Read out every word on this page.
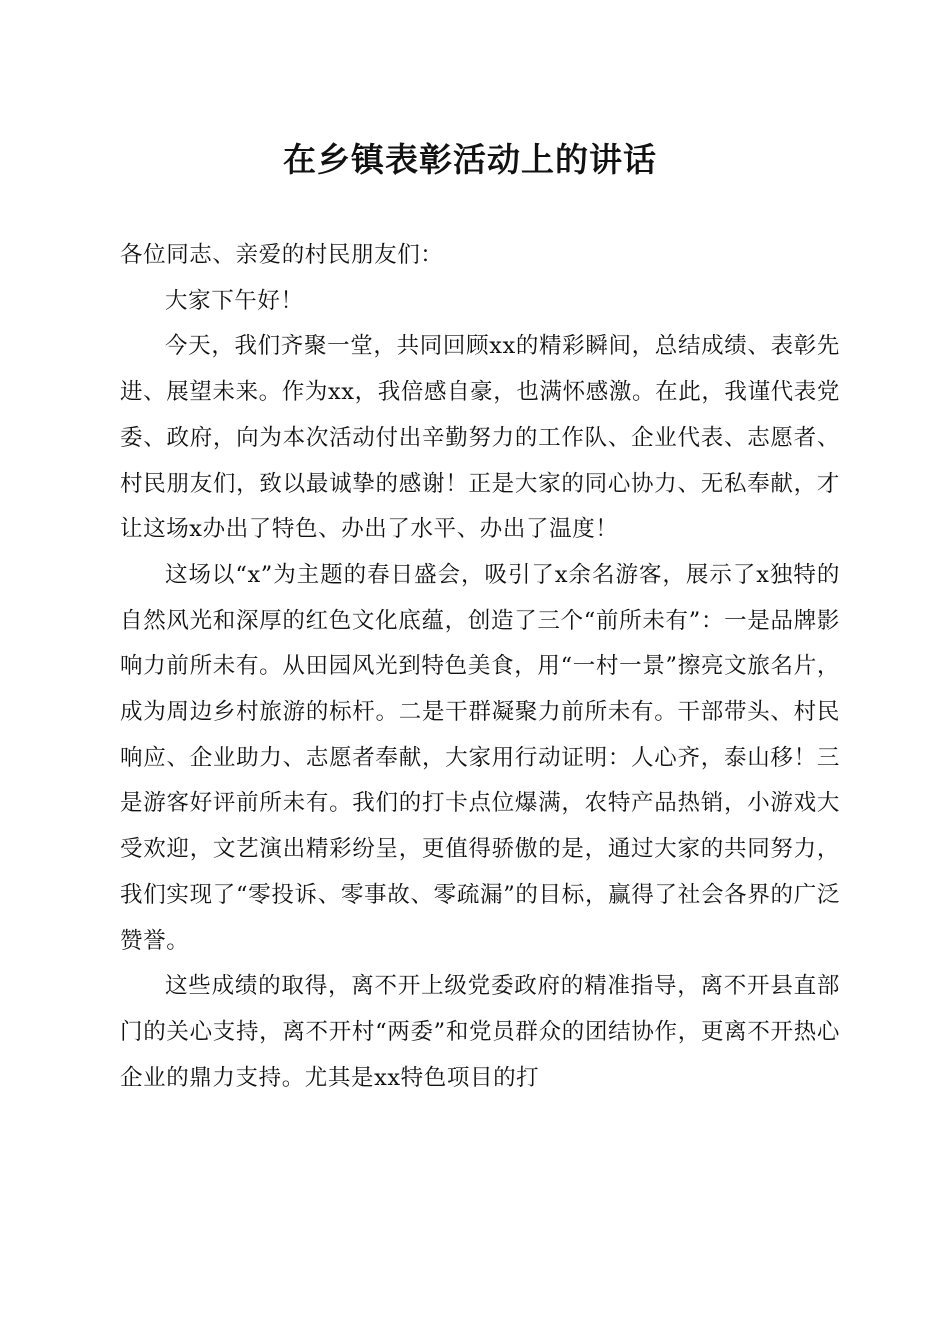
在乡镇表彰活动上的讲话

各位同志、亲爱的村民朋友们：

大家下午好！

今天，我们齐聚一堂，共同回顾xx的精彩瞬间，总结成绩、表彰先进、展望未来。作为xx，我倍感自豪，也满怀感激。在此，我谨代表党委、政府，向为本次活动付出辛勤努力的工作队、企业代表、志愿者、村民朋友们，致以最诚挚的感谢！正是大家的同心协力、无私奉献，才让这场x办出了特色、办出了水平、办出了温度！

这场以“x”为主题的春日盛会，吸引了x余名游客，展示了x独特的自然风光和深厚的红色文化底蕴，创造了三个“前所未有”：一是品牌影响力前所未有。从田园风光到特色美食，用“一村一景”擦亮文旅名片，成为周边乡村旅游的标杆。二是干群凝聚力前所未有。干部带头、村民响应、企业助力、志愿者奉献，大家用行动证明：人心齐，泰山移！三是游客好评前所未有。我们的打卡点位爆满，农特产品热销，小游戏大受欢迎，文艺演出精彩纷呈，更值得骄傲的是，通过大家的共同努力，我们实现了“零投诉、零事故、零疏漏”的目标，赢得了社会各界的广泛赞誉。

这些成绩的取得，离不开上级党委政府的精准指导，离不开县直部门的关心支持，离不开村“两委”和党员群众的团结协作，更离不开热心企业的鼎力支持。尤其是xx特色项目的打
